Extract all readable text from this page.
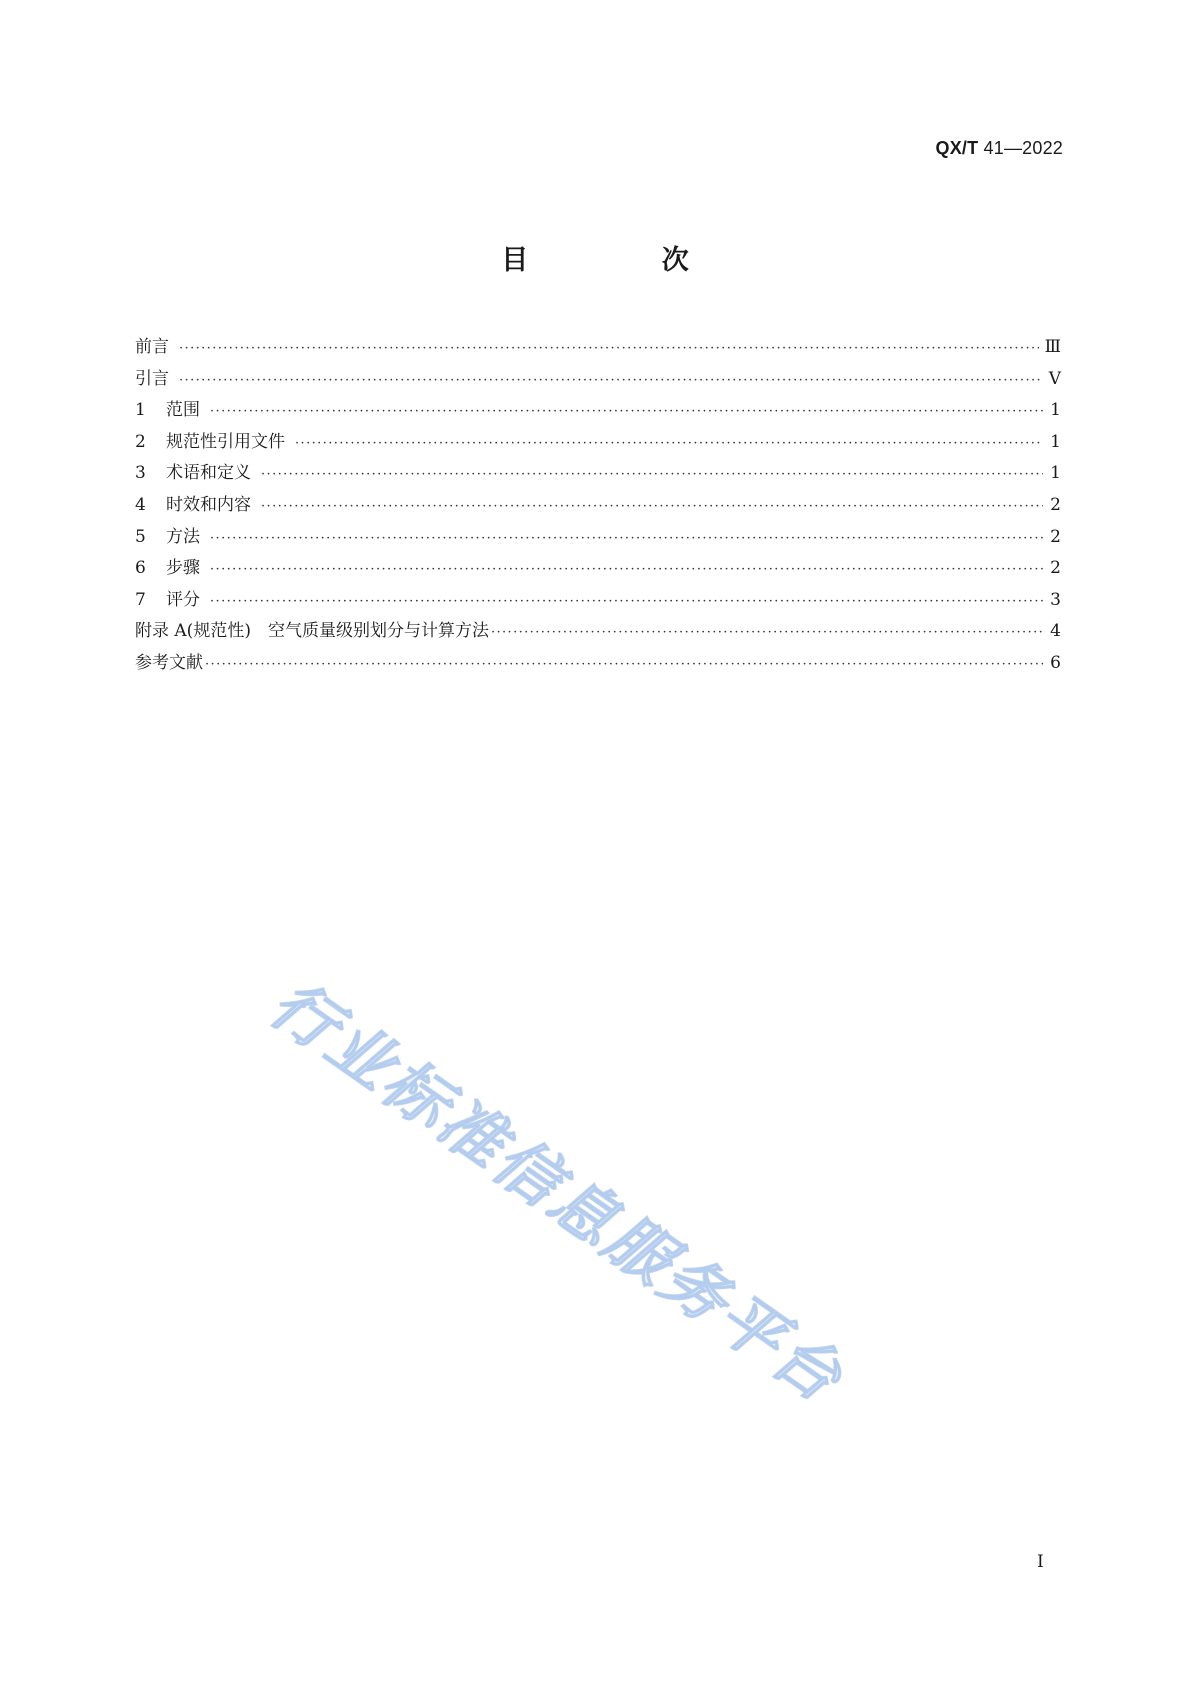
QX/T 41—2022
目 次
前言 ·····	Ⅲ
引言 ·····	Ⅴ
1	范围 ·····	1
2	规范性引用文件 ·····	1
3	术语和定义 ·····	1
4	时效和内容 ·····	2
5	方法 ·····	2
6	步骤 ·····	2
7	评分 ·····	3
附录 A(规范性)　空气质量级别划分与计算方法 ·····	4
参考文献 ·····	6
行业标准信息服务平台
Ⅰ
